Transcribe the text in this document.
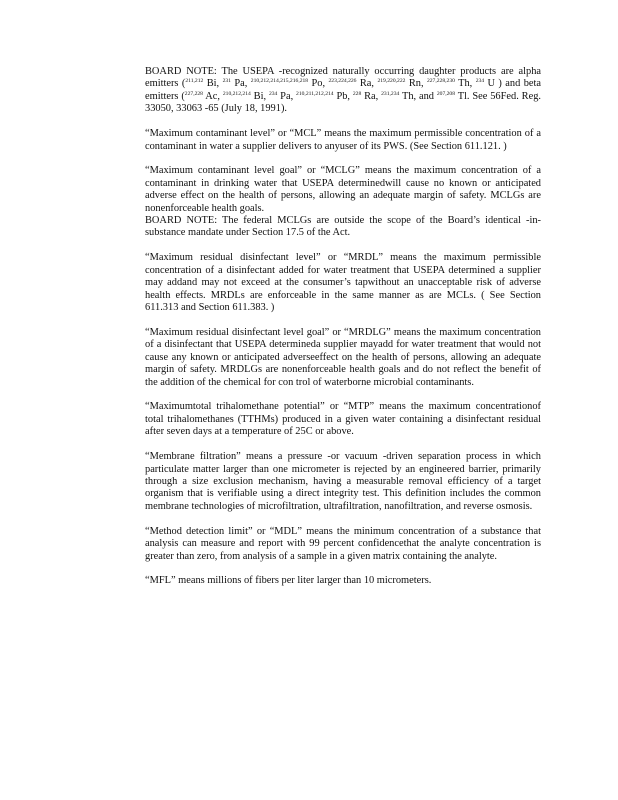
BOARD NOTE: The USEPA -recognized naturally occurring daughter products are alpha emitters ($^{211,212}$ Bi, $^{231}$ Pa, $^{210,212,214,215,216,218}$ Po, $^{223,224,226}$ Ra, $^{219,220,222}$ Rn, $^{227,228,230}$ Th, $^{234}$ U ) and beta emitters ($^{227,228}$ Ac, $^{210,212,214}$ Bi, $^{234}$ Pa, $^{210,211,212,214}$ Pb, $^{228}$ Ra, $^{231,234}$ Th, and $^{207,208}$ Tl. See 56Fed. Reg. 33050, 33063 -65 (July 18, 1991).

“Maximum contaminant level” or “MCL” means the maximum permissible concentration of a contaminant in water a supplier delivers to anyuser of its PWS. (See Section 611.121. )

“Maximum contaminant level goal” or “MCLG” means the maximum concentration of a contaminant in drinking water that USEPA determinedwill cause no known or anticipated adverse effect on the health of persons, allowing an adequate margin of safety. MCLGs are nonenforceable health goals.

BOARD NOTE: The federal MCLGs are outside the scope of the Board’s identical -in-substance mandate under Section 17.5 of the Act.

“Maximum residual disinfectant level” or “MRDL” means the maximum permissible concentration of a disinfectant added for water treatment that USEPA determined a supplier may addand may not exceed at the consumer’s tapwithout an unacceptable risk of adverse health effects. MRDLs are enforceable in the same manner as are MCLs. ( See Section 611.313 and Section 611.383. )

“Maximum residual disinfectant level goal” or “MRDLG” means the maximum concentration of a disinfectant that USEPA determineda supplier mayadd for water treatment that would not cause any known or anticipated adverseeffect on the health of persons, allowing an adequate margin of safety. MRDLGs are nonenforceable health goals and do not reflect the benefit of the addition of the chemical for con trol of waterborne microbial contaminants.

“Maximumtotal trihalomethane potential” or “MTP” means the maximum concentrationof total trihalomethanes (TTHMs) produced in a given water containing a disinfectant residual after seven days at a temperature of 25C or above.

“Membrane filtration” means a pressure -or vacuum -driven separation process in which particulate matter larger than one micrometer is rejected by an engineered barrier, primarily through a size exclusion mechanism, having a measurable removal efficiency of a target organism that is verifiable using a direct integrity test. This definition includes the common membrane technologies of microfiltration, ultrafiltration, nanofiltration, and reverse osmosis.

“Method detection limit” or “MDL” means the minimum concentration of a substance that analysis can measure and report with 99 percent confidencethat the analyte concentration is greater than zero, from analysis of a sample in a given matrix containing the analyte.

“MFL” means millions of fibers per liter larger than 10 micrometers.
